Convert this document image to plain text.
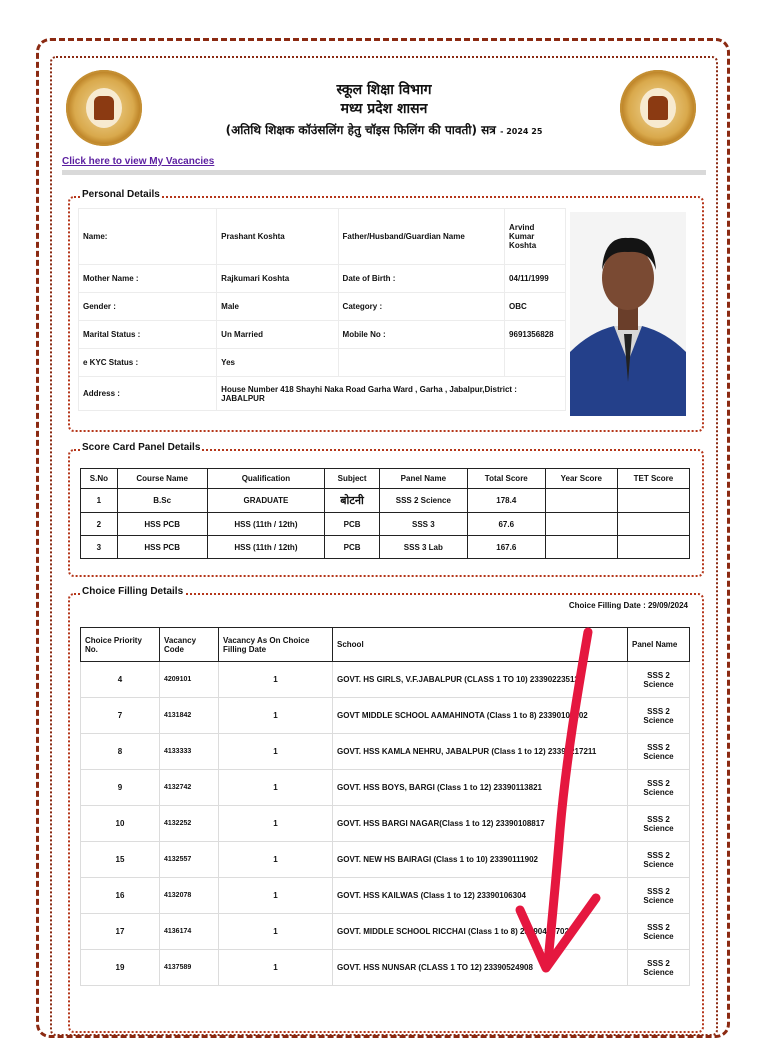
स्कूल शिक्षा विभाग
मध्य प्रदेश शासन
(अतिथि शिक्षक कॉउंसलिंग हेतु चॉइस फिलिंग की पावती) सत्र - 2024 25
Click here to view My Vacancies
Personal Details
Name:	Prashant Koshta	Father/Husband/Guardian Name	Arvind Kumar Koshta
Mother Name :	Rajkumari Koshta	Date of Birth :	04/11/1999
Gender :	Male	Category :	OBC
Marital Status :	Un Married	Mobile No :	9691356828
e KYC Status :	Yes		
Address :	House Number 418 Shayhi Naka Road Garha Ward , Garha , Jabalpur,District : JABALPUR		
Score Card Panel Details
S.No	Course Name	Qualification	Subject	Panel Name	Total Score	Year Score	TET Score
1	B.Sc	GRADUATE	बोटनी	SSS 2 Science	178.4		
2	HSS PCB	HSS (11th / 12th)	PCB	SSS 3	67.6		
3	HSS PCB	HSS (11th / 12th)	PCB	SSS 3 Lab	167.6		
Choice Filling Details
Choice Filling Date : 29/09/2024
Choice Priority No.	Vacancy Code	Vacancy As On Choice Filling Date	School	Panel Name
4	4209101	1	GOVT. HS GIRLS, V.F.JABALPUR (CLASS 1 TO 10) 23390223512	SSS 2 Science
7	4131842	1	GOVT MIDDLE SCHOOL AAMAHINOTA (Class 1 to 8) 23390103102	SSS 2 Science
8	4133333	1	GOVT. HSS KAMLA NEHRU, JABALPUR (Class 1 to 12) 23390217211	SSS 2 Science
9	4132742	1	GOVT. HSS BOYS, BARGI (Class 1 to 12) 23390113821	SSS 2 Science
10	4132252	1	GOVT. HSS BARGI NAGAR(Class 1 to 12) 23390108817	SSS 2 Science
15	4132557	1	GOVT. NEW HS BAIRAGI (Class 1 to 10) 23390111902	SSS 2 Science
16	4132078	1	GOVT. HSS KAILWAS (Class 1 to 12) 23390106304	SSS 2 Science
17	4136174	1	GOVT. MIDDLE SCHOOL RICCHAI (Class 1 to 8) 23390419702	SSS 2 Science
19	4137589	1	GOVT. HSS NUNSAR (CLASS 1 TO 12) 23390524908	SSS 2 Science
